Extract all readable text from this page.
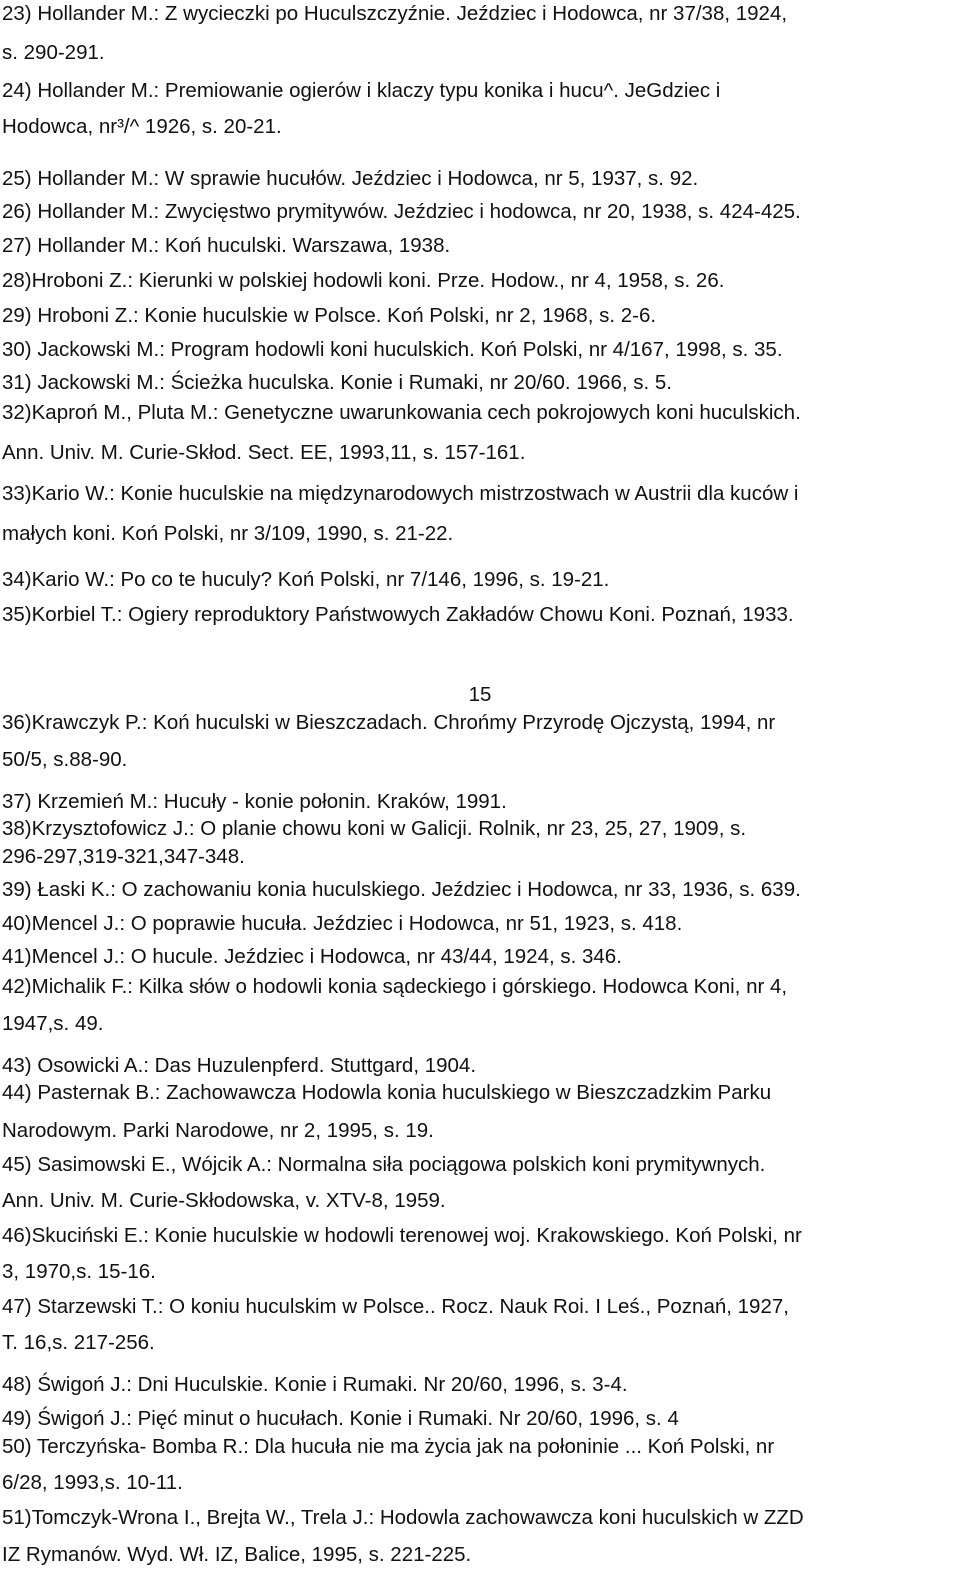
23) Hollander M.: Z wycieczki po Huculszczyźnie. Jeździec i Hodowca, nr 37/38, 1924,
s. 290-291.
24) Hollander M.: Premiowanie ogierów i klaczy typu konika i hucu^. JeGdziec i
Hodowca, nr³/^ 1926, s. 20-21.
25) Hollander M.: W sprawie hucułów. Jeździec i Hodowca, nr 5, 1937, s. 92.
26) Hollander M.: Zwycięstwo prymitywów. Jeździec i hodowca, nr 20, 1938, s. 424-425.
27) Hollander M.: Koń huculski. Warszawa, 1938.
28)Hroboni Z.: Kierunki w polskiej hodowli koni. Prze. Hodow., nr 4, 1958, s. 26.
29) Hroboni Z.: Konie huculskie w Polsce. Koń Polski, nr 2, 1968, s. 2-6.
30) Jackowski M.: Program hodowli koni huculskich. Koń Polski, nr 4/167, 1998, s. 35.
31) Jackowski M.: Ścieżka huculska. Konie i Rumaki, nr 20/60. 1966, s. 5.
32)Kaproń M., Pluta M.: Genetyczne uwarunkowania cech pokrojowych koni huculskich.
Ann. Univ. M. Curie-Skłod. Sect. EE, 1993,11, s. 157-161.
33)Kario W.: Konie huculskie na międzynarodowych mistrzostwach w Austrii dla kuców i
małych koni. Koń Polski, nr 3/109, 1990, s. 21-22.
34)Kario W.: Po co te huculy? Koń Polski, nr 7/146, 1996, s. 19-21.
35)Korbiel T.: Ogiery reproduktory Państwowych Zakładów Chowu Koni. Poznań, 1933.
15
36)Krawczyk P.: Koń huculski w Bieszczadach. Chrońmy Przyrodę Ojczystą, 1994, nr
50/5, s.88-90.
37) Krzemień M.: Hucuły - konie połonin. Kraków, 1991.
38)Krzysztofowicz J.: O planie chowu koni w Galicji. Rolnik, nr 23, 25, 27, 1909, s.
296-297,319-321,347-348.
39) Łaski K.: O zachowaniu konia huculskiego. Jeździec i Hodowca, nr 33, 1936, s. 639.
40)Mencel J.: O poprawie hucuła. Jeździec i Hodowca, nr 51, 1923, s. 418.
41)Mencel J.: O hucule. Jeździec i Hodowca, nr 43/44, 1924, s. 346.
42)Michalik F.: Kilka słów o hodowli konia sądeckiego i górskiego. Hodowca Koni, nr 4,
1947,s. 49.
43) Osowicki A.: Das Huzulenpferd. Stuttgard, 1904.
44) Pasternak B.: Zachowawcza Hodowla konia huculskiego w Bieszczadzkim Parku
Narodowym. Parki Narodowe, nr 2, 1995, s. 19.
45) Sasimowski E., Wójcik A.: Normalna siła pociągowa polskich koni prymitywnych.
Ann. Univ. M. Curie-Skłodowska, v. XTV-8, 1959.
46)Skuciński E.: Konie huculskie w hodowli terenowej woj. Krakowskiego. Koń Polski, nr
3, 1970,s. 15-16.
47) Starzewski T.: O koniu huculskim w Polsce.. Rocz. Nauk Roi. I Leś., Poznań, 1927,
T. 16,s. 217-256.
48) Świgoń J.: Dni Huculskie. Konie i Rumaki. Nr 20/60, 1996, s. 3-4.
49) Świgoń J.: Pięć minut o hucułach. Konie i Rumaki. Nr 20/60, 1996, s. 4
50) Terczyńska- Bomba R.: Dla hucuła nie ma życia jak na połoninie ... Koń Polski, nr
6/28, 1993,s. 10-11.
51)Tomczyk-Wrona I., Brejta W., Trela J.: Hodowla zachowawcza koni huculskich w ZZD
IZ Rymanów. Wyd. Wł. IZ, Balice, 1995, s. 221-225.
